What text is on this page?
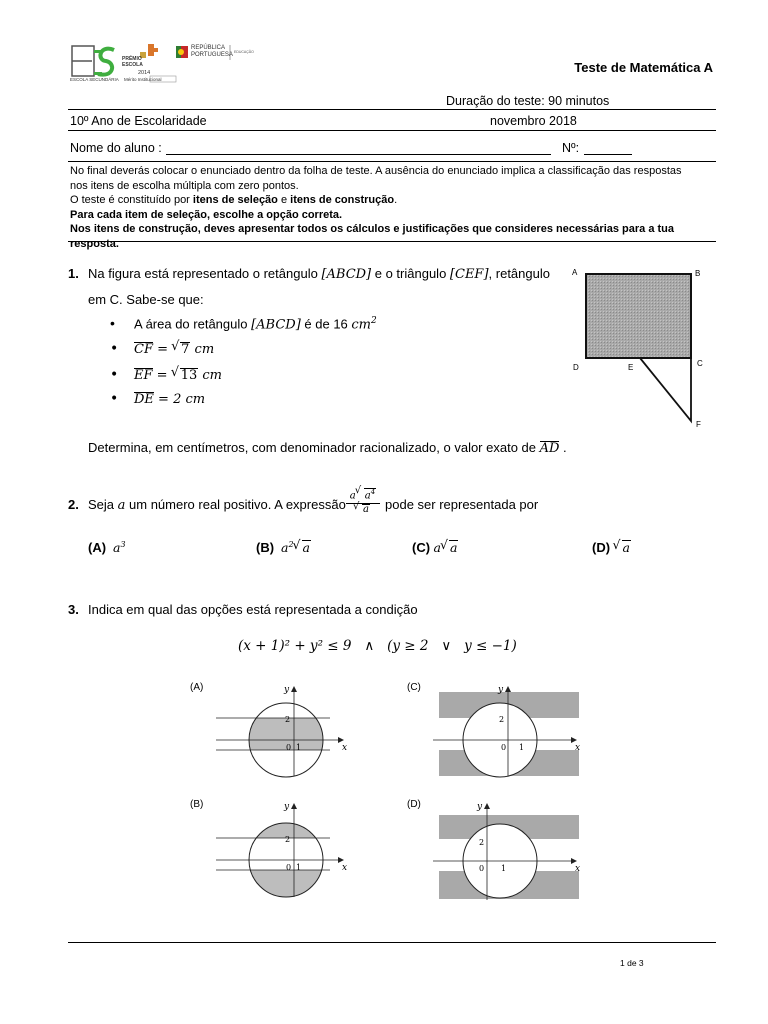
ESCOLA SECUNDÁRIA
PRÉMIO
ESCOLA
2014
Mérito Institucional
REPÚBLICA
PORTUGUESA EDUCAÇÃO
Teste de Matemática A
Duração do teste: 90 minutos
10º Ano de Escolaridade	novembro 2018
Nome do aluno :	Nº:
No final deverás colocar o enunciado dentro da folha de teste. A ausência do enunciado implica a classificação das respostas
nos itens de escolha múltipla com zero pontos.
O teste é constituído por itens de seleção e itens de construção.
Para cada item de seleção, escolhe a opção correta.
Nos itens de construção, deves apresentar todos os cálculos e justificações que consideres necessárias para a tua resposta.
1. Na figura está representado o retângulo [ABCD] e o triângulo [CEF], retângulo
em C. Sabe-se que:
• A área do retângulo [ABCD] é de 16 $cm^2$
• CF = √ 7 cm
• EF = √ 13 cm
• DE = 2 cm
Determina, em centímetros, com denominador racionalizado, o valor exato de AD .
A	B
C
D	E
F
2. Seja a um número real positivo. A expressão
a√ $a^4$
√ a	pode ser representada por
(A) $a^3$	(B) $a^2√$ a	(C) a√ a	(D) √ a
3. Indica em qual das opções está representada a condição
(x + 1)² + y² ≤ 9   ∧   (y ≥ 2   ∨   y ≤ −1)
(A)	y
x
2
0 1
(C)	y
x
2
0 1
(B)	y
x
2
0 1
(D)	y
x
2
0 1
1 de 3
